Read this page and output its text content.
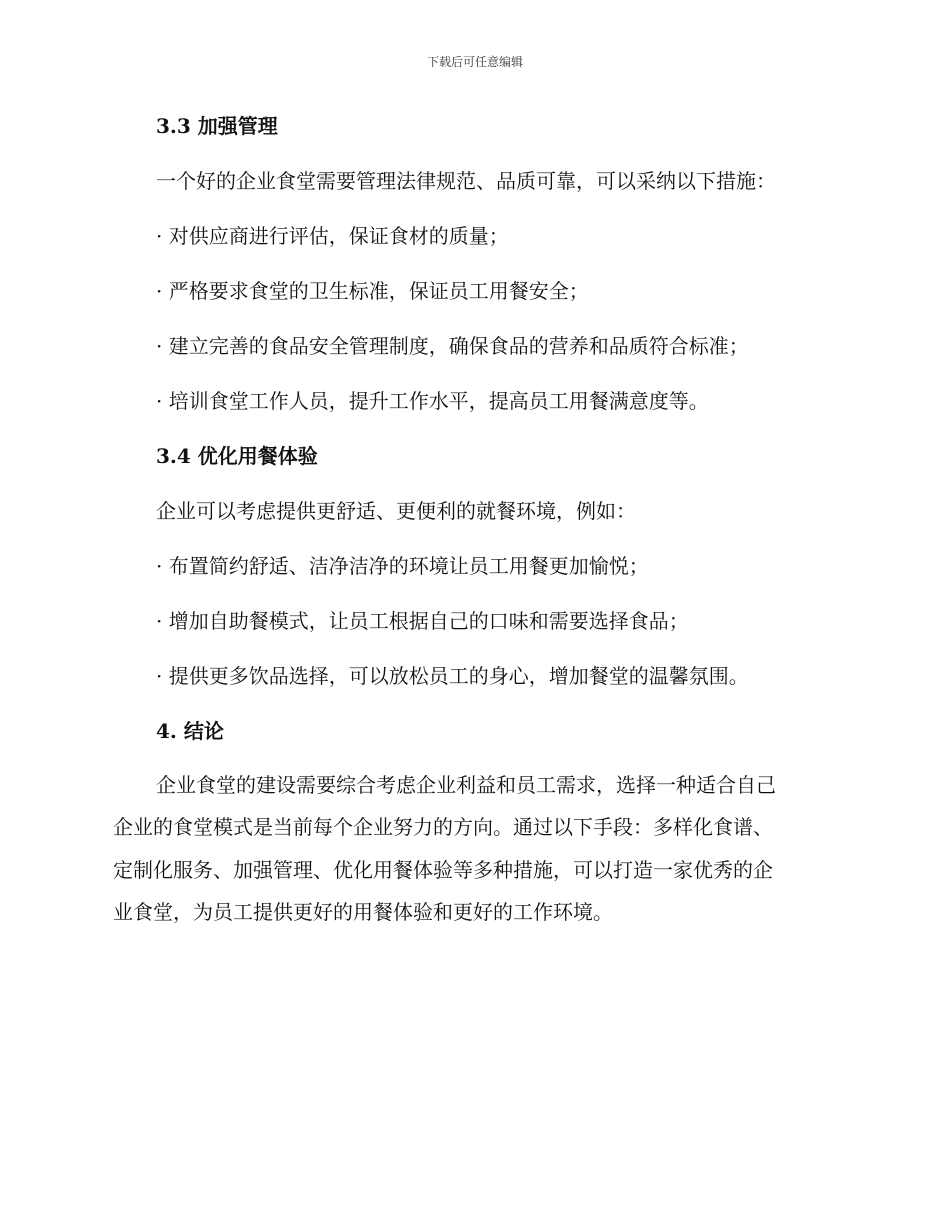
下载后可任意编辑
3.3 加强管理
一个好的企业食堂需要管理法律规范、品质可靠，可以采纳以下措施：
· 对供应商进行评估，保证食材的质量；
· 严格要求食堂的卫生标准，保证员工用餐安全；
· 建立完善的食品安全管理制度，确保食品的营养和品质符合标准；
· 培训食堂工作人员，提升工作水平，提高员工用餐满意度等。
3.4 优化用餐体验
企业可以考虑提供更舒适、更便利的就餐环境，例如：
· 布置简约舒适、洁净洁净的环境让员工用餐更加愉悦；
· 增加自助餐模式，让员工根据自己的口味和需要选择食品；
· 提供更多饮品选择，可以放松员工的身心，增加餐堂的温馨氛围。
4. 结论
企业食堂的建设需要综合考虑企业利益和员工需求，选择一种适合自己
企业的食堂模式是当前每个企业努力的方向。通过以下手段：多样化食谱、
定制化服务、加强管理、优化用餐体验等多种措施，可以打造一家优秀的企
业食堂，为员工提供更好的用餐体验和更好的工作环境。
